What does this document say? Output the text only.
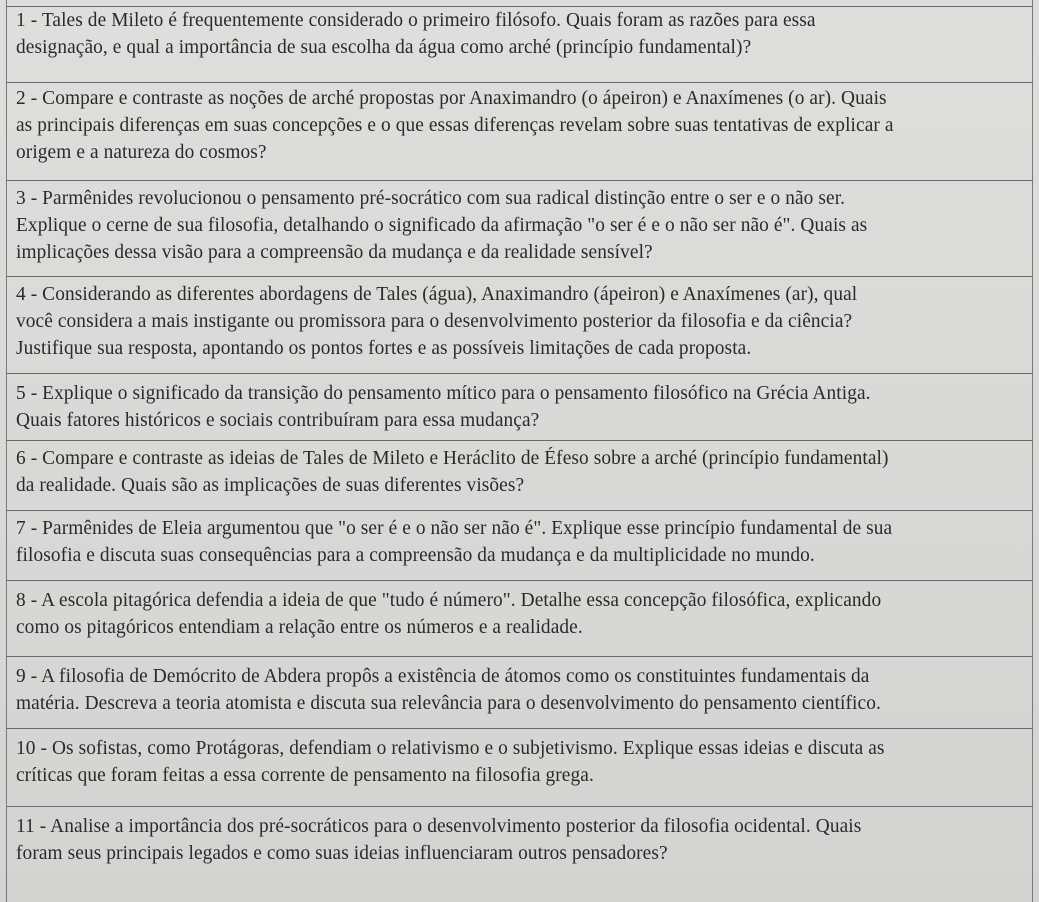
1 - Tales de Mileto é frequentemente considerado o primeiro filósofo. Quais foram as razões para essa
designação, e qual a importância de sua escolha da água como arché (princípio fundamental)?
2 - Compare e contraste as noções de arché propostas por Anaximandro (o ápeiron) e Anaxímenes (o ar). Quais
as principais diferenças em suas concepções e o que essas diferenças revelam sobre suas tentativas de explicar a
origem e a natureza do cosmos?
3 - Parmênides revolucionou o pensamento pré-socrático com sua radical distinção entre o ser e o não ser.
Explique o cerne de sua filosofia, detalhando o significado da afirmação "o ser é e o não ser não é". Quais as
implicações dessa visão para a compreensão da mudança e da realidade sensível?
4 - Considerando as diferentes abordagens de Tales (água), Anaximandro (ápeiron) e Anaxímenes (ar), qual
você considera a mais instigante ou promissora para o desenvolvimento posterior da filosofia e da ciência?
Justifique sua resposta, apontando os pontos fortes e as possíveis limitações de cada proposta.
5 - Explique o significado da transição do pensamento mítico para o pensamento filosófico na Grécia Antiga.
Quais fatores históricos e sociais contribuíram para essa mudança?
6 - Compare e contraste as ideias de Tales de Mileto e Heráclito de Éfeso sobre a arché (princípio fundamental)
da realidade. Quais são as implicações de suas diferentes visões?
7 - Parmênides de Eleia argumentou que "o ser é e o não ser não é". Explique esse princípio fundamental de sua
filosofia e discuta suas consequências para a compreensão da mudança e da multiplicidade no mundo.
8 - A escola pitagórica defendia a ideia de que "tudo é número". Detalhe essa concepção filosófica, explicando
como os pitagóricos entendiam a relação entre os números e a realidade.
9 - A filosofia de Demócrito de Abdera propôs a existência de átomos como os constituintes fundamentais da
matéria. Descreva a teoria atomista e discuta sua relevância para o desenvolvimento do pensamento científico.
10 - Os sofistas, como Protágoras, defendiam o relativismo e o subjetivismo. Explique essas ideias e discuta as
críticas que foram feitas a essa corrente de pensamento na filosofia grega.
11 - Analise a importância dos pré-socráticos para o desenvolvimento posterior da filosofia ocidental. Quais
foram seus principais legados e como suas ideias influenciaram outros pensadores?
